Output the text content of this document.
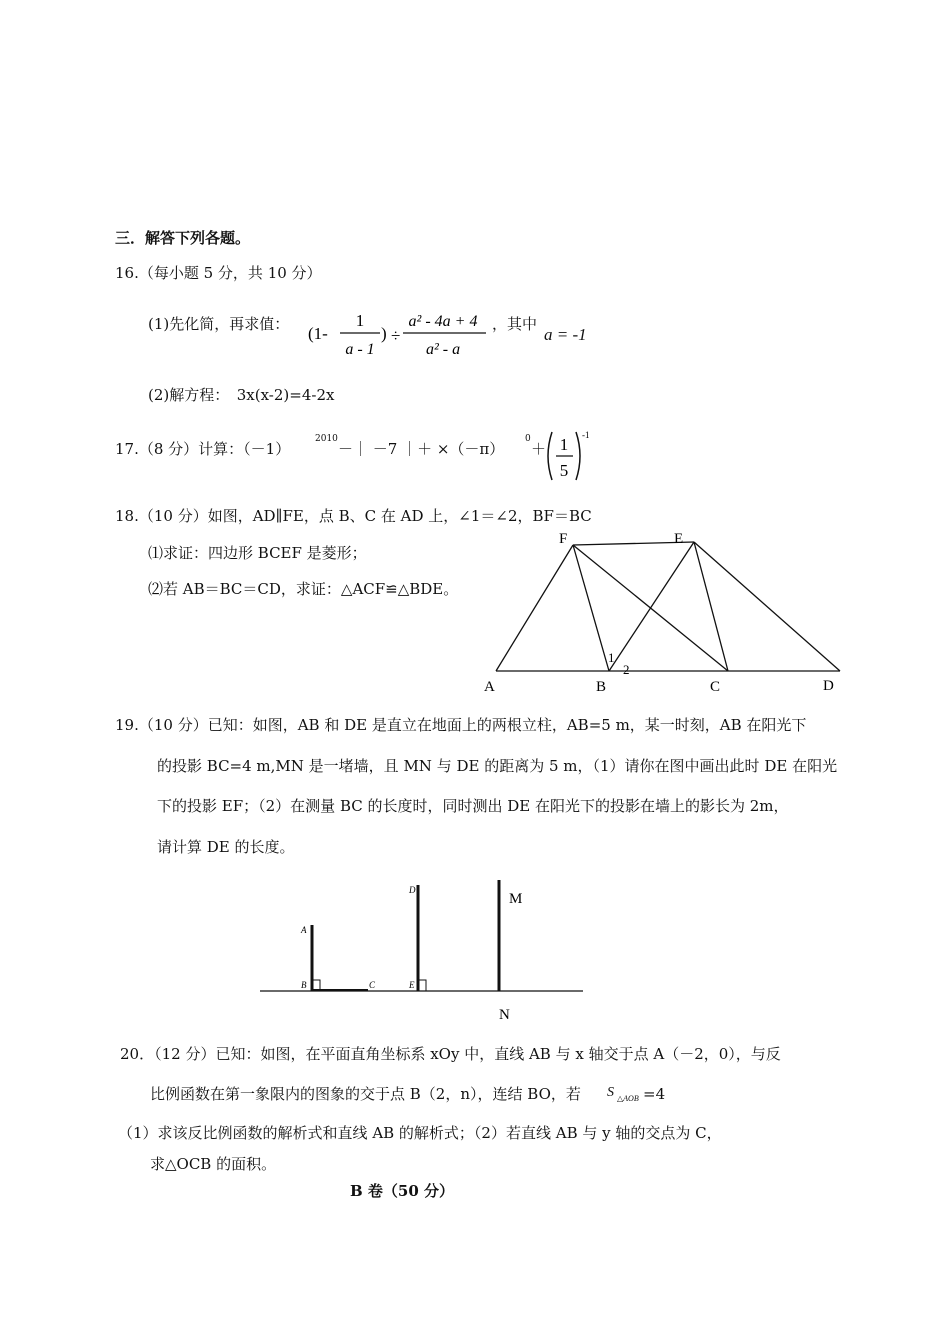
三．解答下列各题。
16.（每小题 5 分，共 10 分）
(1)先化简，再求值： (1-
1
a - 1
) ÷
a² - 4a + 4
a² - a
，其中
a = -1
(2)解方程：　3x(x-2)=4-2x
17.（8 分）计算：（－1）
2010
－｜ －7 ｜＋ ×（－π）
0
＋ 1
5
-1
18.（10 分）如图，AD∥FE，点 B、C 在 AD 上，∠1＝∠2，BF＝BC
⑴求证：四边形 BCEF 是菱形；
⑵若 AB＝BC＝CD，求证：△ACF≌△BDE。
F	E
A	B	C	D
1
2
19.（10 分）已知：如图，AB 和 DE 是直立在地面上的两根立柱，AB=5 m，某一时刻，AB 在阳光下
的投影 BC=4 m,MN 是一堵墙，且 MN 与 DE 的距离为 5 m，（1）请你在图中画出此时 DE 在阳光
下的投影 EF；（2）在测量 BC 的长度时，同时测出 DE 在阳光下的投影在墙上的影长为 2m，
请计算 DE 的长度。
A
B	C
D
E
M
N
20．（12 分）已知：如图，在平面直角坐标系 xOy 中，直线 AB 与 x 轴交于点 A（－2，0），与反
比例函数在第一象限内的图象的交于点 B（2，n），连结 BO，若 S △AOB =4
（1）求该反比例函数的解析式和直线 AB 的解析式；（2）若直线 AB 与 y 轴的交点为 C，
求△OCB 的面积。
B 卷（50 分）
